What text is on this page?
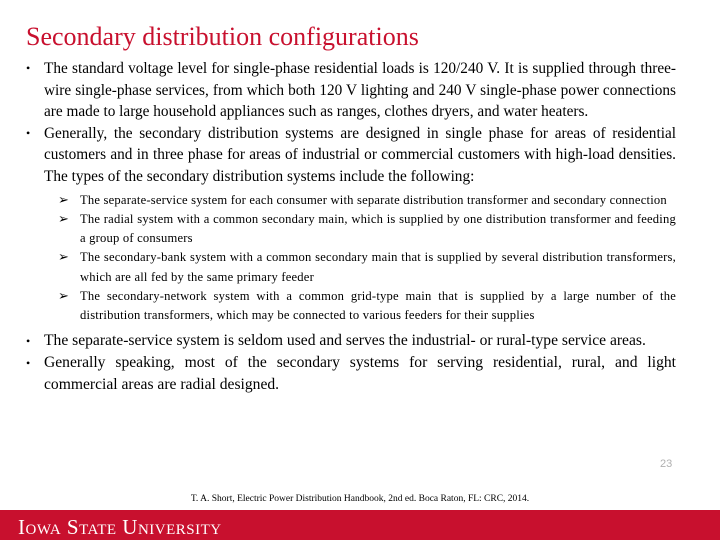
Secondary distribution configurations

• The standard voltage level for single-phase residential loads is 120/240 V. It is supplied through three-wire single-phase services, from which both 120 V lighting and 240 V single-phase power connections are made to large household appliances such as ranges, clothes dryers, and water heaters.

• Generally, the secondary distribution systems are designed in single phase for areas of residential customers and in three phase for areas of industrial or commercial customers with high-load densities. The types of the secondary distribution systems include the following:

➢ The separate-service system for each consumer with separate distribution transformer and secondary connection
➢ The radial system with a common secondary main, which is supplied by one distribution transformer and feeding a group of consumers
➢ The secondary-bank system with a common secondary main that is supplied by several distribution transformers, which are all fed by the same primary feeder
➢ The secondary-network system with a common grid-type main that is supplied by a large number of the distribution transformers, which may be connected to various feeders for their supplies

• The separate-service system is seldom used and serves the industrial- or rural-type service areas.

• Generally speaking, most of the secondary systems for serving residential, rural, and light commercial areas are radial designed.

23
T. A. Short, Electric Power Distribution Handbook, 2nd ed. Boca Raton, FL: CRC, 2014.
Iowa State University
